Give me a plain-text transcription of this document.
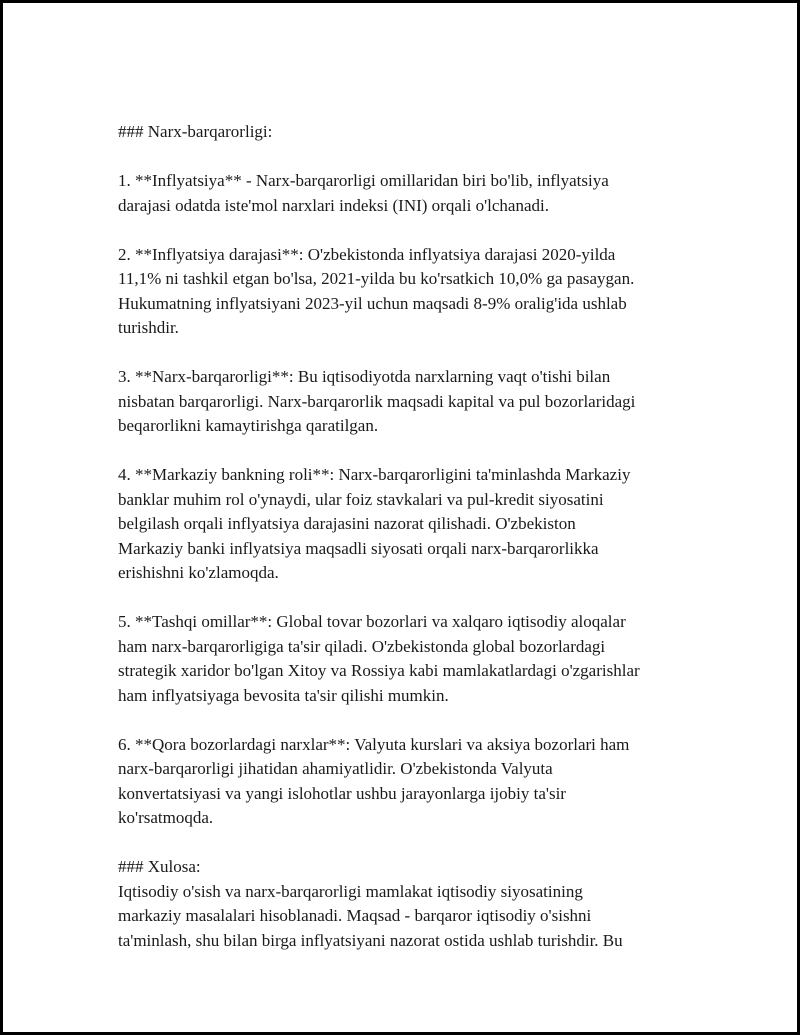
### Narx-barqarorligi:
1. **Inflyatsiya** - Narx-barqarorligi omillaridan biri bo'lib, inflyatsiya
darajasi odatda iste'mol narxlari indeksi (INI) orqali o'lchanadi.
2. **Inflyatsiya darajasi**: O'zbekistonda inflyatsiya darajasi 2020-yilda
11,1% ni tashkil etgan bo'lsa, 2021-yilda bu ko'rsatkich 10,0% ga pasaygan.
Hukumatning inflyatsiyani 2023-yil uchun maqsadi 8-9% oralig'ida ushlab
turishdir.
3. **Narx-barqarorligi**: Bu iqtisodiyotda narxlarning vaqt o'tishi bilan
nisbatan barqarorligi. Narx-barqarorlik maqsadi kapital va pul bozorlaridagi
beqarorlikni kamaytirishga qaratilgan.
4. **Markaziy bankning roli**: Narx-barqarorligini ta'minlashda Markaziy
banklar muhim rol o'ynaydi, ular foiz stavkalari va pul-kredit siyosatini
belgilash orqali inflyatsiya darajasini nazorat qilishadi. O'zbekiston
Markaziy banki inflyatsiya maqsadli siyosati orqali narx-barqarorlikka
erishishni ko'zlamoqda.
5. **Tashqi omillar**: Global tovar bozorlari va xalqaro iqtisodiy aloqalar
ham narx-barqarorligiga ta'sir qiladi. O'zbekistonda global bozorlardagi
strategik xaridor bo'lgan Xitoy va Rossiya kabi mamlakatlardagi o'zgarishlar
ham inflyatsiyaga bevosita ta'sir qilishi mumkin.
6. **Qora bozorlardagi narxlar**: Valyuta kurslari va aksiya bozorlari ham
narx-barqarorligi jihatidan ahamiyatlidir. O'zbekistonda Valyuta
konvertatsiyasi va yangi islohotlar ushbu jarayonlarga ijobiy ta'sir
ko'rsatmoqda.
### Xulosa:
Iqtisodiy o'sish va narx-barqarorligi mamlakat iqtisodiy siyosatining
markaziy masalalari hisoblanadi. Maqsad - barqaror iqtisodiy o'sishni
ta'minlash, shu bilan birga inflyatsiyani nazorat ostida ushlab turishdir. Bu
